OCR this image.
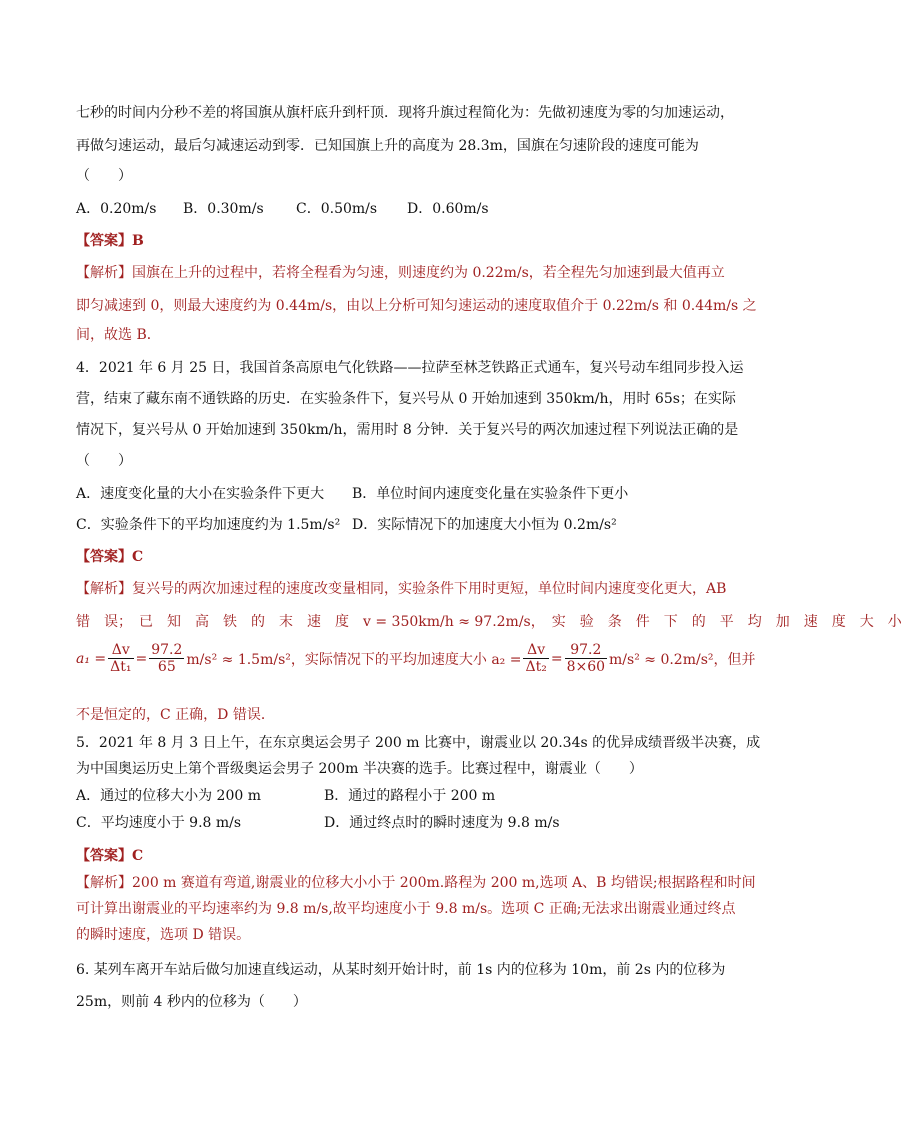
七秒的时间内分秒不差的将国旗从旗杆底升到杆顶．现将升旗过程简化为：先做初速度为零的匀加速运动，
再做匀速运动，最后匀减速运动到零．已知国旗上升的高度为 28.3m，国旗在匀速阶段的速度可能为
（　　）
A．0.20m/s B．0.30m/s C．0.50m/s D．0.60m/s
【答案】B
【解析】国旗在上升的过程中，若将全程看为匀速，则速度约为 0.22m/s，若全程先匀加速到最大值再立
即匀减速到 0，则最大速度约为 0.44m/s，由以上分析可知匀速运动的速度取值介于 0.22m/s 和 0.44m/s 之
间，故选 B．
4．2021 年 6 月 25 日，我国首条高原电气化铁路——拉萨至林芝铁路正式通车，复兴号动车组同步投入运
营，结束了藏东南不通铁路的历史．在实验条件下，复兴号从 0 开始加速到 350km/h，用时 65s；在实际
情况下，复兴号从 0 开始加速到 350km/h，需用时 8 分钟．关于复兴号的两次加速过程下列说法正确的是
（　　）
A．速度变化量的大小在实验条件下更大 B．单位时间内速度变化量在实验条件下更小
C．实验条件下的平均加速度约为 1.5m/s² D．实际情况下的加速度大小恒为 0.2m/s²
【答案】C
【解析】复兴号的两次加速过程的速度改变量相同，实验条件下用时更短，单位时间内速度变化更大，AB
错　误；　已　知　高　铁　的　末　速　度　v = 350km/h ≈ 97.2m/s，　实　验　条　件　下　的　平　均　加　速　度　大　小
$a_1 = \frac{\Delta v}{\text{Δt₁}} = \frac{97.2}{65} m/s^2 \approx 1.5m/s^2$， 实际情况下的平均加速度大小 $a_2 = \frac{\Delta v}{\text{Δt₂}} = \frac{97.2}{8\times 60} m/s^2 \approx 0.2m/s^2$， 但并
不是恒定的，C 正确，D 错误．
5．2021 年 8 月 3 日上午，在东京奥运会男子 200 m 比赛中，谢震业以 20.34s 的优异成绩晋级半决赛，成
为中国奥运历史上第个晋级奥运会男子 200m 半决赛的选手。比赛过程中，谢震业（　　）
A．通过的位移大小为 200 m	B．通过的路程小于 200 m
C．平均速度小于 9.8 m/s	D．通过终点时的瞬时速度为 9.8 m/s
【答案】C
【解析】200 m 赛道有弯道,谢震业的位移大小小于 200m.路程为 200 m,选项 A、B 均错误;根据路程和时间
可计算出谢震业的平均速率约为 9.8 m/s,故平均速度小于 9.8 m/s。选项 C 正确;无法求出谢震业通过终点
的瞬时速度，选项 D 错误。
6. 某列车离开车站后做匀加速直线运动，从某时刻开始计时，前 1s 内的位移为 10m，前 2s 内的位移为
25m，则前 4 秒内的位移为（　　）
